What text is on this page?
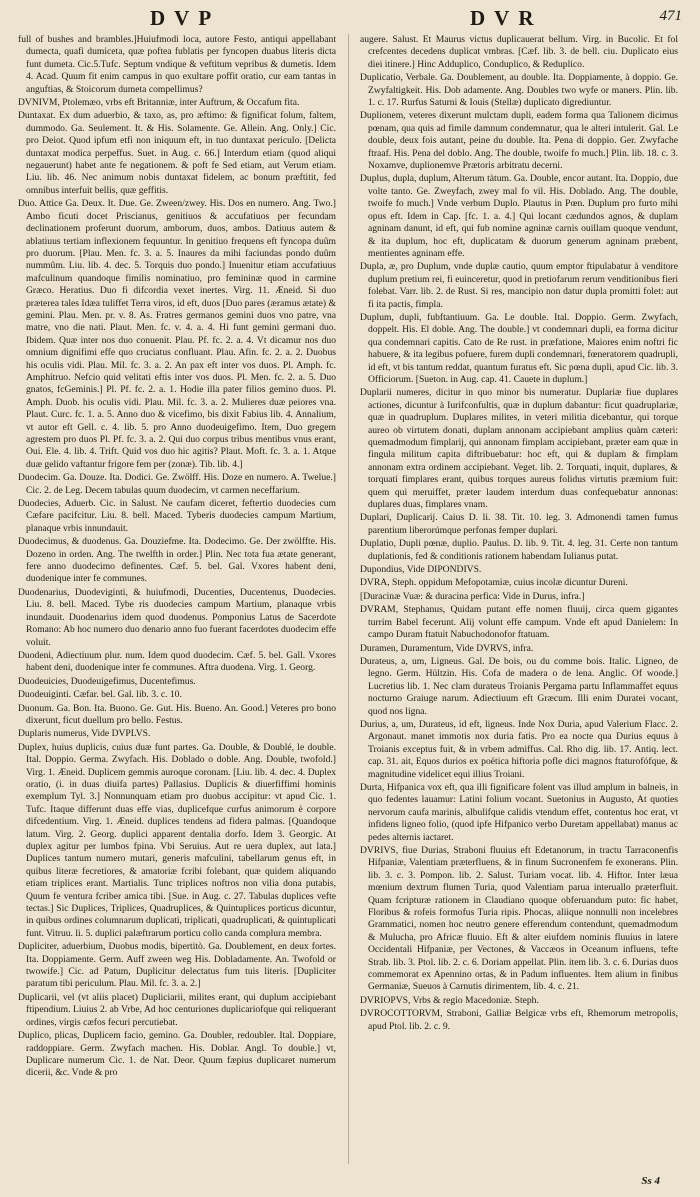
DVP	DVR	471

full of bushes and brambles.]Huiufmodi loca, autore Festo, antiqui appellabant dumecta, quafi dumiceta, quæ poftea fublatis per fyncopen duabus literis dicta funt dumeta. Cic.5.Tufc. Septum vndique & veftitum vepribus & dumetis. Idem 4. Acad. Quum fit enim campus in quo exultare poffit oratio, cur eam tantas in anguftias, & Stoicorum dumeta compellimus?

DVNIVM, Ptolemæo, vrbs eft Britanniæ, inter Auftrum, & Occafum fita.

Duntaxat. Ex dum aduerbio, & taxo, as, pro æftimo: & fignificat folum, faltem, dummodo. Ga. Seulement. It. & His. Solamente. Ge. Allein. Ang. Only.] Cic. pro Deiot. Quod ipfum etfi non iniquum eft, in tuo duntaxat periculo. [Delicta duntaxat modica perpeffus. Suet. in Aug. c. 66.] Interdum etiam (quod aliqui negauerunt) habet ante fe negationem. & poft fe Sed etiam, aut Verum etiam. Liu. lib. 46. Nec animum nobis duntaxat fidelem, ac bonum præftitit, fed omnibus interfuit bellis, quæ geffitis.

Duo. Attice Ga. Deux. It. Due. Ge. Zween/zwey. His. Dos en numero. Ang. Two.] Ambo ficuti docet Priscianus, genitiuos & accufatiuos per fecundam declinationem proferunt duorum, amborum, duos, ambos. Datiuus autem & ablatiuus tertiam inflexionem fequuntur. In genitiuo frequens eft fyncopa duûm pro duorum. [Plau. Men. fc. 3. a. 5. Inaures da mihi faciundas pondo duûm nummûm. Liu. lib. 4. dec. 5. Torquis duo pondo.] Inuenitur etiam accufatiuus mafculinum quandoque fimilis nominatiuo, pro femininæ quod in carmine Græco. Heratius. Duo fi difcordia vexet inertes. Virg. 11. Æneid. Si duo præterea tales Idæa tuliffet Terra viros, id eft, duos [Duo pares (æramus ætate) & gemini. Plau. Men. pr. v. 8. As. Fratres germanos gemini duos vno patre, vna matre, vno die nati. Plaut. Men. fc. v. 4. a. 4. Hi funt gemini germani duo. Ibidem. Quæ inter nos duo conuenit. Plau. Pf. fc. 2. a. 4. Vt dicamur nos duo omnium dignifimi effe quo cruciatus confluant. Plau. Afin. fc. 2. a. 2. Duobus his oculis vidi. Plau. Mil. fc. 3. a. 2. An pax eft inter vos duos. Pl. Amph. fc. Amphitruo. Nefcio quid velitati eftis inter vos duos. Pl. Men. fc. 2. a. 5. Duo gnatos, fcGeminis.] Pl. Pf. fc. 2. a. 1. Hodie illa pater filios gemino duos. Pl. Amph. Duob. his oculis vidi. Plau. Mil. fc. 3. a. 2. Mulieres duæ peiores vna. Plaut. Curc. fc. 1. a. 5. Anno duo & vicefimo, bis dixit Fabius lib. 4. Annalium, vt autor eft Gell. c. 4. lib. 5. pro Anno duodeuigefimo. Item, Duo gregem agrestem pro duos Pl. Pf. fc. 3. a. 2. Qui duo corpus tribus mentibus vnus erant, Oui. Ele. 4. lib. 4. Trift. Quid vos duo hic agitis? Plaut. Moft. fc. 3. a. 1. Atque duæ gelido vaftantur frigore fem per (zonæ). Tib. lib. 4.]

Duodecim. Ga. Douze. Ita. Dodici. Ge. Zwölff. His. Doze en numero. A. Twelue.] Cic. 2. de Leg. Decem tabulas quum duodecim, vt carmen neceffarium.

Duodecies, Aduerb. Cic. in Salust. Ne caufam diceret, feftertio duodecies cum Cæfare pacifcitur. Liu. 8. bell. Maced. Tyberis duodecies campum Martium, planaque vrbis innundauit.

Duodecimus, & duodenus. Ga. Douziefme. Ita. Dodecimo. Ge. Der zwölffte. His. Dozeno in orden. Ang. The twelfth in order.] Plin. Nec tota fua ætate generant, fere anno duodecimo definentes. Cæf. 5. bel. Gal. Vxores habent deni, duodenique inter fe communes.

Duodenarius, Duodeviginti, & huiufmodi, Ducenties, Ducentenus, Duodecies. Liu. 8. bell. Maced. Tybe ris duodecies campum Martium, planaque vrbis inundauit. Duodenarius idem quod duodenus. Pomponius Latus de Sacerdote Romano: Ab hoc numero duo denario anno fuo fuerant facerdotes duodecim effe voluit.

Duodeni, Adiectiuum plur. num. Idem quod duodecim. Cæf. 5. bel. Gall. Vxores habent deni, duodenique inter fe communes. Aftra duodena. Virg. 1. Georg.

Duodeuicies, Duodeuigefimus, Ducentefimus.

Duodeuiginti. Cæfar. bel. Gal. lib. 3. c. 10.

Duonum. Ga. Bon. Ita. Buono. Ge. Gut. His. Bueno. An. Good.] Veteres pro bono dixerunt, ficut duellum pro bello. Festus.

Duplaris numerus, Vide DVPLVS.

Duplex, huius duplicis, cuius duæ funt partes. Ga. Double, & Doublé, le double. Ital. Doppio. Germa. Zwyfach. His. Doblado o doble. Ang. Double, twofold.] Virg. 1. Æneid. Duplicem gemmis auroque coronam. [Liu. lib. 4. dec. 4. Duplex oratio, (i. in duas diuifa partes) Pallasius. Duplicis & diuerfiffimi hominis exemplum Tyl. 3.] Nonnunquam etiam pro duobus accipitur: vt apud Cic. 1. Tufc. Itaque differunt duas effe vias, duplicefque curfus animorum è corpore difcedentium. Virg. 1. Æneid. duplices tendens ad fidera palmas. [Quandoque latum. Virg. 2. Georg. duplici apparent dentalia dorfo. Idem 3. Georgic. At duplex agitur per lumbos fpina. Vbi Seruius. Aut re uera duplex, aut lata.] Duplices tantum numero mutari, generis mafculini, tabellarum genus eft, in quibus literæ fecretiores, & amatoriæ fcribi folebant, quæ quidem aliquando etiam triplices erant. Martialis. Tunc triplices noftros non vilia dona putabis, Quum fe ventura fcriber amica tibi. [Sue. in Aug. c. 27. Tabulas duplices vefte tectas.] Sic Duplices, Triplices, Quadruplices, & Quintuplices porticus dicuntur, in quibus ordines columnarum duplicati, triplicati, quadruplicati, & quintuplicati funt. Vitruu. li. 5. duplici palæftrarum porticu collo canda complura membra.

Dupliciter, aduerbium, Duobus modis, bipertitò. Ga. Doublement, en deux fortes. Ita. Doppiamente. Germ. Auff zween weg His. Dobladamente. An. Twofold or twowife.] Cic. ad Patum, Duplicitur delectatus fum tuis literis. [Dupliciter paratum tibi periculum. Plau. Mil. fc. 3. a. 2.]

Duplicarii, vel (vt aliis placet) Dupliciarii, milites erant, qui duplum accipiebant ftipendium. Liuius 2. ab Vrbe, Ad hoc centuriones duplicariofque qui reliquerant ordines, virgis cæfos fecuri percutiebat.

Duplico, plicas, Duplicem facio, gemino. Ga. Doubler, redoubler. Ital. Doppiare, raddoppiare. Germ. Zwyfach machen. His. Doblar. Angl. To double.] vt, Duplicare numerum Cic. 1. de Nat. Deor. Quum fæpius duplicaret numerum dicerii, &c. Vnde & pro

augere. Salust. Et Maurus victus duplicauerat bellum. Virg. in Bucolic. Et fol crefcentes decedens duplicat vmbras. [Cæf. lib. 3. de bell. ciu. Duplicato eius diei itinere.] Hinc Adduplico, Conduplico, & Reduplico.

Duplicatio, Verbale. Ga. Doublement, au double. Ita. Doppiamente, à doppio. Ge. Zwyfaltigkeit. His. Dob adamente. Ang. Doubles two wyfe or maners. Plin. lib. 1. c. 17. Rurfus Saturni & Iouis (Stellæ) duplicato digrediuntur.

Duplionem, veteres dixerunt mulctam dupli, eadem forma qua Talionem dicimus pœnam, qua quis ad fimile damnum condemnatur, qua le alteri intulerit. Gal. Le double, deux fois autant, peine du double. Ita. Pena di doppio. Ger. Zwyfache ftraaf. His. Pena del doblo. Ang. The double, twoife fo much.] Plin. lib. 18. c. 3. Noxamve, duplionemve Prætoris arbitratu decerni.

Duplus, dupla, duplum, Alterum tàtum. Ga. Double, encor autant. Ita. Doppio, due volte tanto. Ge. Zweyfach, zwey mal fo vil. His. Doblado. Ang. The double, twoife fo much.] Vnde verbum Duplo. Plautus in Pœn. Duplum pro furto mihi opus eft. Idem in Cap. [fc. 1. a. 4.] Qui locant cædundos agnos, & duplam agninam danunt, id eft, qui fub nomine agninæ carnis ouillam quoque vendunt, & ita duplum, hoc eft, duplicatam & duorum generum agninam præbent, mentientes agninam effe.

Dupla, æ, pro Duplum, vnde duplæ cautio, quum emptor ftipulabatur à venditore duplum pretium rei, fi euinceretur, quod in pretiofarum rerum venditionibus fieri folebat. Varr. lib. 2. de Rust. Si res, mancipio non datur dupla promitti folet: aut fi ita pactis, fimpla.

Duplum, dupli, fubftantiuum. Ga. Le double. Ital. Doppio. Germ. Zwyfach, doppelt. His. El doble. Ang. The double.] vt condemnari dupli, ea forma dicitur qua condemnari capitis. Cato de Re rust. in præfatione, Maiores enim noftri fic habuere, & ita legibus pofuere, furem dupli condemnari, fœneratorem quadrupli, id eft, vt bis tantum reddat, quantum furatus eft. Sic pœna dupli, apud Cic. lib. 3. Officiorum. [Sueton. in Aug. cap. 41. Cauete in duplum.]

Duplarii numeres, dicitur in quo minor bis numeratur. Duplariæ fiue duplares actiones, dicuntur à Iurifconfultis, quæ in duplum dabantur: ficut quadruplariæ, quæ in quadruplum. Duplares milites, in veteri militia dicebantur, qui torque aureo ob virtutem donati, duplam annonam accipiebant amplius quàm cæteri: quemadmodum fimplarij, qui annonam fimplam accipiebant, præter eam quæ in fingula militum capita diftribuebatur: hoc eft, qui & duplam & fimplam annonam extra ordinem accipiebant. Veget. lib. 2. Torquati, inquit, duplares, & torquati fimplares erant, quibus torques aureus folidus virtutis præmium fuit: quem qui meruiffet, præter laudem interdum duas confequebatur annonas: duplares duas, fimplares vnam.

Duplari, Duplicarij. Caius D. li. 38. Tit. 10. leg. 3. Admonendi tamen fumus parentium liberorúmque perfonas femper duplari.

Duplatio, Dupli pœnæ, duplio. Paulus. D. lib. 9. Tit. 4. leg. 31. Certe non tantum duplationis, fed & conditionis rationem habendam Iulianus putat.

Dupondius, Vide DIPONDIVS.

DVRA, Steph. oppidum Mefopotamiæ, cuius incolæ dicuntur Dureni.

[Duracinæ Vuæ: & duracina perfica: Vide in Durus, infra.]

DVRAM, Stephanus, Quidam putant effe nomen fluuij, circa quem gigantes turrim Babel fecerunt. Alij volunt effe campum. Vnde eft apud Danielem: In campo Duram ftatuit Nabuchodonofor ftatuam.

Duramen, Duramentum, Vide DVRVS, infra.

Durateus, a, um, Ligneus. Gal. De bois, ou du comme bois. Italic. Ligneo, de legno. Germ. Hültzin. His. Cofa de madera o de lena. Anglic. Of woode.] Lucretius lib. 1. Nec clam durateus Troianis Pergama partu Inflammaffet equus nocturno Graiuge narum. Adiectiuum eft Græcum. Illi enim Duratei vocant, quod nos ligna.

Durius, a, um, Durateus, id eft, ligneus. Inde Nox Duria, apud Valerium Flacc. 2. Argonaut. manet immotis nox duria fatis. Pro ea nocte qua Durius equus à Troianis exceptus fuit, & in vrbem admiffus. Cal. Rho dig. lib. 17. Antiq. lect. cap. 31. ait, Equos durios ex poëtica hiftoria pofle dici magnos ftaturofófque, & magnitudine videlicet equi illius Troiani.

Durta, Hifpanica vox eft, qua illi fignificare folent vas illud amplum in balneis, in quo fedentes lauamur: Latini folium vocant. Suetonius in Augusto, At quoties nervorum caufa marinis, albulifque calidis vtendum effet, contentus hoc erat, vt infidens ligneo folio, (quod ipfe Hifpanico verbo Duretam appellabat) manus ac pedes alternis iactaret.

DVRIVS, fiue Durias, Straboni fluuius eft Edetanorum, in tractu Tarraconenfis Hifpaniæ, Valentiam præterfluens, & in finum Sucronenfem fe exonerans. Plin. lib. 3. c. 3. Pompon. lib. 2. Salust. Turiam vocat. lib. 4. Hiftor. Inter læua mœnium dextrum flumen Turia, quod Valentiam parua interuallo præterfluit. Quam fcripturæ rationem in Claudiano quoque obferuandum puto: fic habet, Floribus & rofeis formofus Turia ripis. Phocas, aliique nonnulli non incelebres Grammatici, nomen hoc neutro genere efferendum contendunt, quemadmodum & Mulucha, pro Africæ fluuio. Eft & alter eiufdem nominis fluuius in latere Occidentali Hifpaniæ, per Vectones, & Vaccæos in Oceanum influens, tefte Strab. lib. 3. Ptol. lib. 2. c. 6. Doriam appellat. Plin. item lib. 3. c. 6. Durias duos commemorat ex Apennino ortas, & in Padum influentes. Item alium in finibus Germaniæ, Sueuos à Carnutis dirimentem, lib. 4. c. 21.

DVRIOPVS, Vrbs & regio Macedoniæ. Steph.

DVROCOTTORVM, Straboni, Galliæ Belgicæ vrbs eft, Rhemorum metropolis, apud Ptol. lib. 2. c. 9.

Ss 4
